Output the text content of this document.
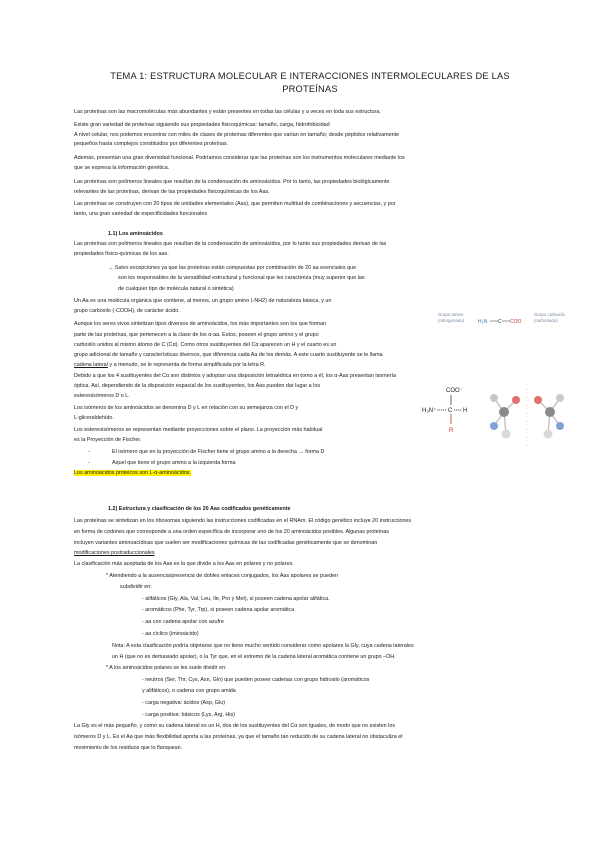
TEMA 1: ESTRUCTURA MOLECULAR E INTERACCIONES INTERMOLECULARES DE LAS
PROTEÍNAS
Las proteínas son las macromoléculas más abundantes y están presentes en todas las células y a veces en toda sus estructura.
Existe gran variedad de proteínas siguiendo sus propiedades fisicoquímicas: tamaño, carga, hidrofobicidad
A nivel celular, nos podemos encontrar con miles de clases de proteínas diferentes que varían en tamaño; desde péptidos relativamente
pequeños hasta complejos constituidos por diferentes proteínas.
Además, presentan una gran diversidad funcional. Podríamos considerar que las proteínas son los instrumentos moleculares mediante los
que se expresa la información genética.
Las proteínas son polímeros lineales que resultan de la condensación de aminoácidos. Por lo tanto, las propiedades biológicamente
relevantes de las proteínas, derivan de las propiedades fisicoquímicas de los Aas.
Las proteínas se construyen con 20 tipos de unidades elementales (Aas), que permiten multitud de combinaciones y secuencias, y por
tanto, una gran variedad de especificidades funcionales
1.1) Los aminoácidos
Las proteínas son polímeros lineales que resultan de la condensación de aminoácidos, por lo tanto sus propiedades derivan de las
propiedades físico-químicas de los aas.
→ Salvo excepciones ya que las proteínas están compuestas por combinación de 20 aa esenciales que
son los responsables de la versatilidad estructural y funcional que les caracteriza (muy superior que las
de cualquier tipo de molécula natural o sintética)
Un Aa es una molécula orgánica que contiene, al menos, un grupo amino (-NH2) de naturaleza básica, y un
grupo carboxilo (-COOH), de carácter ácido.
Aunque los seres vivos sintetizan tipos diversos de aminoácidos, los más importantes son los que forman
parte de las proteínas, que pertenecen a la clase de los α-aa. Estos, poseen el grupo amino y el grupo
carboxilo unidos al mismo átomo de C (Cα). Como otros sustituyentes del Cα aparecen un H y el cuarto es un
grupo adicional de tamaño y características diversos, que diferencia cada Aa de los demás. A este cuarto sustituyente se le llama
cadena lateral y a menudo, se le representa de forma simplificada por la letra R.
Debido a que los 4 sustituyentes del Cα son distintos y adoptan una disposición tetraédrica en torno a él, los α-Aas presentan isomería
óptica. Así, dependiendo de la disposición espacial de los sustituyentes, los Aas pueden dar lugar a los
estereoisómeros D o L.
Los isómeros de los aminoácidos se denomina D y L en relación con su semejanza con el D y
L-gliceraldehído.
Los estereoisómeros se representan mediante proyecciones sobre el plano. La proyección más habitual
es la Proyección de Fischer.
-	El isómero que en la proyección de Fischer tiene el grupo amino a la derecha → forma D
-	Aquel que tiene el grupo amino a la izquierda forma
Los aminoácidos proteicos son L-α-aminoácidos.
Grupo amino
(nitrogenado)	H₂N C COO
Grupo carboxilo
(carbonado)
COO⁻
H₃N⁺ C H
R
1.2) Estructura y clasificación de los 20 Aas codificados genéticamente
Las proteínas se sintetizan en los ribosomas siguiendo las instrucciones codificadas en el RNAm. El código genético incluye 20 instrucciones
en forma de codones que corresponde a una orden específica de incorporar uno de los 20 aminoácidos posibles. Algunas proteínas
incluyen variantes aminoacídicas que suelen ser modificaciones químicas de las codificadas genéticamente que se denominan
modificaciones postraduccionales
La clasificación más aceptada de los Aas es la que divide a los Aas en polares y no polares.
* Atendiendo a la ausencia/presencia de dobles enlaces conjugados, los Aas apolares se pueden
subdividir en:
- alifáticos (Gly, Ala, Val, Leu, Ile, Pro y Met), si poseen cadena apolar alifática.
- aromáticos (Phe, Tyr, Trp), si poseen cadena apolar aromática
- aa con cadena apolar con azufre
- aa cíclico (iminoácido)
Nota: A esta clasificación podría objetarse que no tiene mucho sentido considerar como apolares la Gly, cuya cadena laterales
un H (que no es demasiado apolar), o la Tyr que, en el extremo de la cadena lateral aromática contiene un grupo –OH.
* A los aminoácidos polares se les suele dividir en:
- neutros (Ser, Thr, Cys, Asn, Gln) que pueden poseer cadenas con grupo hidroxilo (aromáticos
y alifáticos), o cadena con grupo amida
- carga negativa: ácidos (Asp, Glu)
- carga positiva: básicos (Lys, Arg, His)
La Gly es el más pequeño, y como su cadena lateral es un H, dos de los sustituyentes del Cα son iguales, de modo que no existen los
isómeros D y L. Es el Aa que más flexibilidad aporta a las proteínas, ya que el tamaño tan reducido de su cadena lateral no obstaculiza el
movimiento de los residuos que lo flanquean.
